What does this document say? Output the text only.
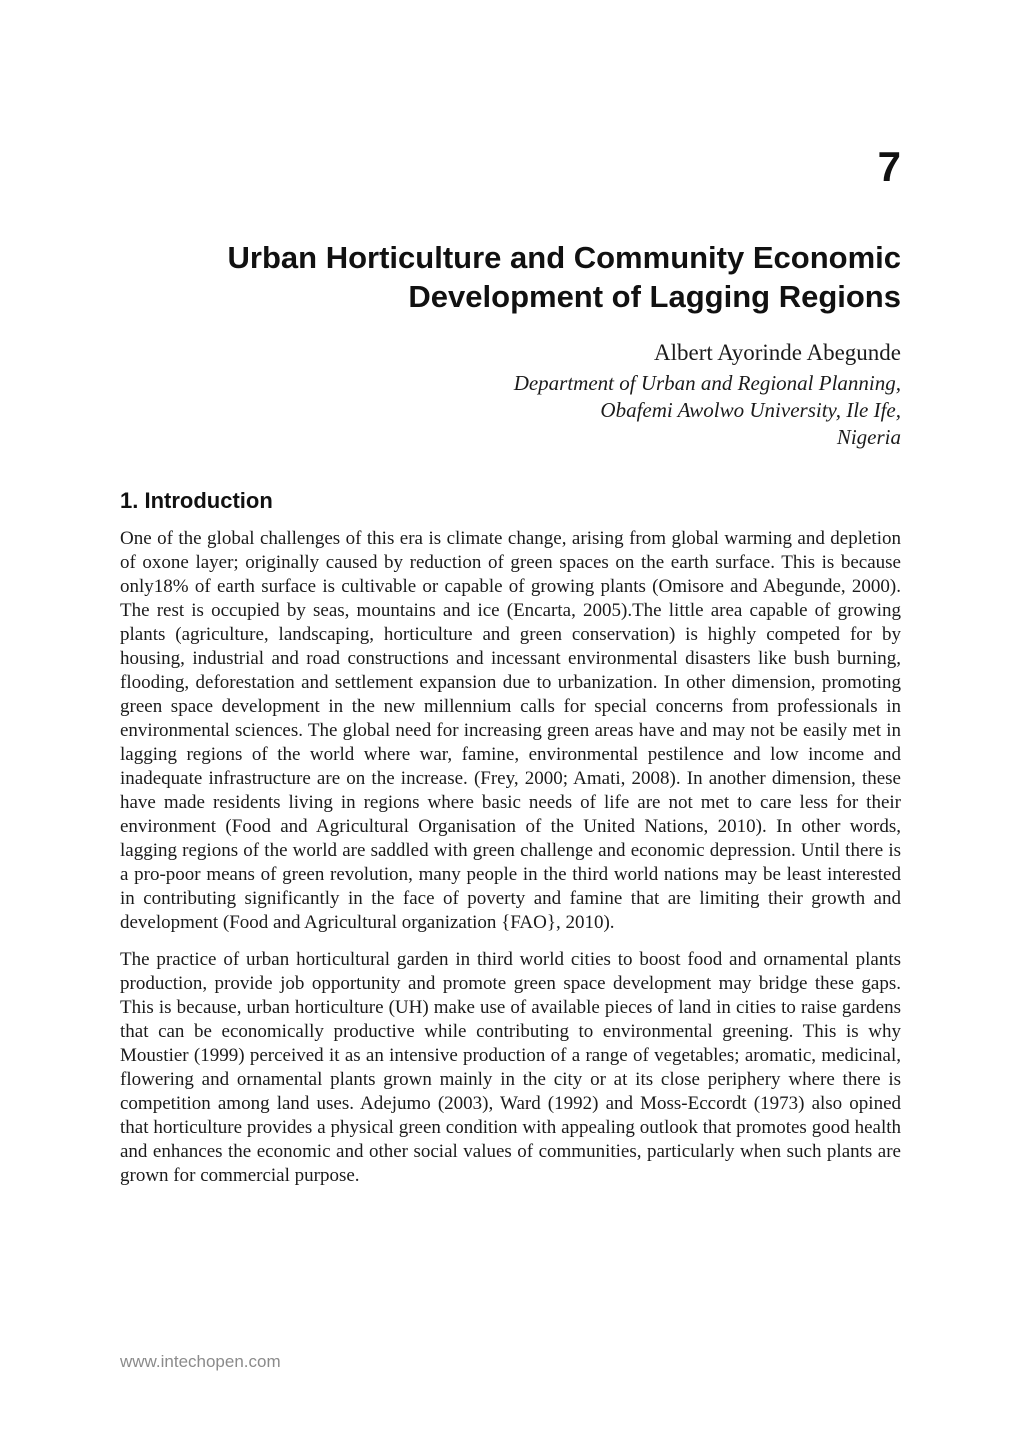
7
Urban Horticulture and Community Economic
Development of Lagging Regions
Albert Ayorinde Abegunde
Department of Urban and Regional Planning,
Obafemi Awolwo University, Ile Ife,
Nigeria
1. Introduction

One of the global challenges of this era is climate change, arising from global warming and depletion of oxone layer; originally caused by reduction of green spaces on the earth surface. This is because only18% of earth surface is cultivable or capable of growing plants (Omisore and Abegunde, 2000). The rest is occupied by seas, mountains and ice (Encarta, 2005).The little area capable of growing plants (agriculture, landscaping, horticulture and green conservation) is highly competed for by housing, industrial and road constructions and incessant environmental disasters like bush burning, flooding, deforestation and settlement expansion due to urbanization. In other dimension, promoting green space development in the new millennium calls for special concerns from professionals in environmental sciences. The global need for increasing green areas have and may not be easily met in lagging regions of the world where war, famine, environmental pestilence and low income and inadequate infrastructure are on the increase. (Frey, 2000; Amati, 2008). In another dimension, these have made residents living in regions where basic needs of life are not met to care less for their environment (Food and Agricultural Organisation of the United Nations, 2010). In other words, lagging regions of the world are saddled with green challenge and economic depression. Until there is a pro-poor means of green revolution, many people in the third world nations may be least interested in contributing significantly in the face of poverty and famine that are limiting their growth and development (Food and Agricultural organization {FAO}, 2010).

The practice of urban horticultural garden in third world cities to boost food and ornamental plants production, provide job opportunity and promote green space development may bridge these gaps. This is because, urban horticulture (UH) make use of available pieces of land in cities to raise gardens that can be economically productive while contributing to environmental greening. This is why Moustier (1999) perceived it as an intensive production of a range of vegetables; aromatic, medicinal, flowering and ornamental plants grown mainly in the city or at its close periphery where there is competition among land uses. Adejumo (2003), Ward (1992) and Moss-Eccordt (1973) also opined that horticulture provides a physical green condition with appealing outlook that promotes good health and enhances the economic and other social values of communities, particularly when such plants are grown for commercial purpose.

www.intechopen.com
